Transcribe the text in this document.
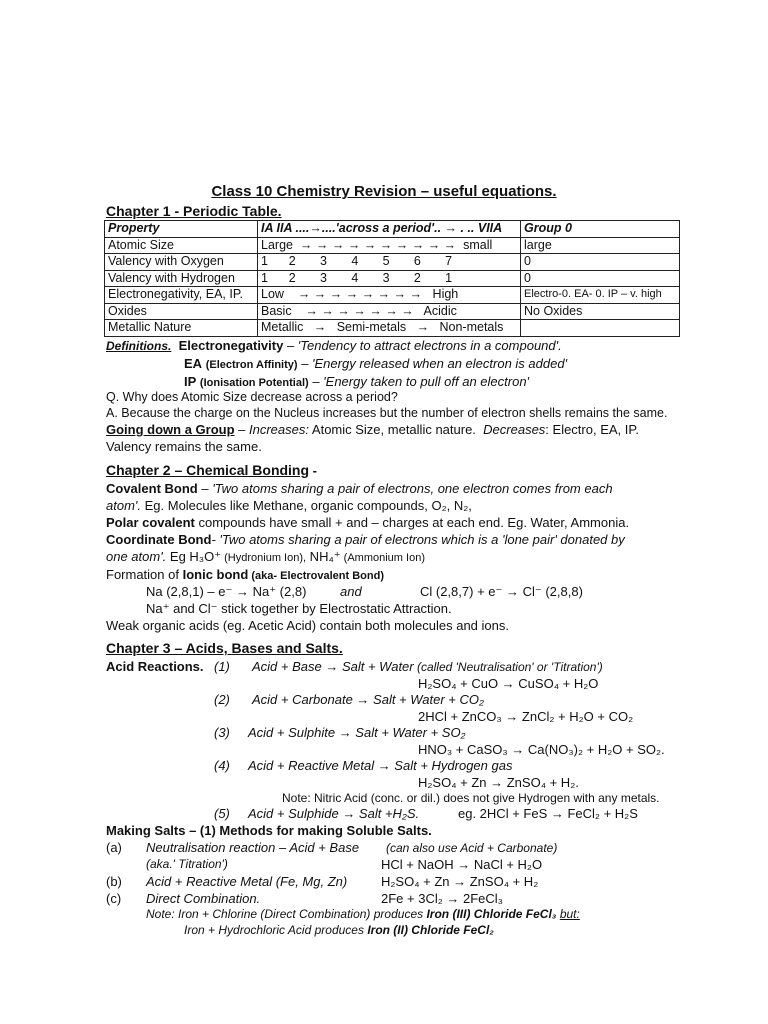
Class 10 Chemistry Revision – useful equations.
Chapter 1 - Periodic Table.
Property	IA IIA ....→....'across a period'.. → . .. VIIA	Group 0
Atomic Size	Large  → → → → → → → → → →  small	large
Valency with Oxygen	1      2       3       4       5       6       7	0
Valency with Hydrogen	1      2       3       4       3       2       1	0
Electronegativity, EA, IP.	Low    → → → → → → → →   High	Electro-0. EA- 0. IP – v. high
Oxides	Basic    → → → → → → →   Acidic	No Oxides
Metallic Nature	Metallic   →   Semi-metals   →   Non-metals	
Definitions. Electronegativity – 'Tendency to attract electrons in a compound'.
EA (Electron Affinity) – 'Energy released when an electron is added'
IP (Ionisation Potential) – 'Energy taken to pull off an electron'
Q. Why does Atomic Size decrease across a period?
A. Because the charge on the Nucleus increases but the number of electron shells remains the same.
Going down a Group – Increases: Atomic Size, metallic nature. Decreases: Electro, EA, IP.
Valency remains the same.
Chapter 2 – Chemical Bonding -
Covalent Bond – 'Two atoms sharing a pair of electrons, one electron comes from each
atom'. Eg. Molecules like Methane, organic compounds, O₂, N₂,
Polar covalent compounds have small + and – charges at each end. Eg. Water, Ammonia.
Coordinate Bond- 'Two atoms sharing a pair of electrons which is a 'lone pair' donated by
one atom'. Eg H₃O⁺ (Hydronium Ion), NH₄⁺ (Ammonium Ion)
Formation of Ionic bond (aka- Electrovalent Bond)
Na (2,8,1) – e⁻ → Na⁺ (2,8)	and	Cl (2,8,7) + e⁻ → Cl⁻ (2,8,8)
Na⁺ and Cl⁻ stick together by Electrostatic Attraction.
Weak organic acids (eg. Acetic Acid) contain both molecules and ions.
Chapter 3 – Acids, Bases and Salts.
Acid Reactions. (1) Acid + Base → Salt + Water (called 'Neutralisation' or 'Titration')
H₂SO₄ + CuO → CuSO₄ + H₂O
(2) Acid + Carbonate → Salt + Water + CO₂
2HCl + ZnCO₃ → ZnCl₂ + H₂O + CO₂
(3) Acid + Sulphite → Salt + Water + SO₂
HNO₃ + CaSO₃ → Ca(NO₃)₂ + H₂O + SO₂.
(4) Acid + Reactive Metal → Salt + Hydrogen gas
H₂SO₄ + Zn → ZnSO₄ + H₂.
Note: Nitric Acid (conc. or dil.) does not give Hydrogen with any metals.
(5) Acid + Sulphide → Salt +H₂S.	eg. 2HCl + FeS → FeCl₂ + H₂S
Making Salts – (1) Methods for making Soluble Salts.
(a) Neutralisation reaction – Acid + Base (can also use Acid + Carbonate)
(aka.' Titration')	HCl + NaOH → NaCl + H₂O
(b) Acid + Reactive Metal (Fe, Mg, Zn)	H₂SO₄ + Zn → ZnSO₄ + H₂
(c) Direct Combination.	2Fe + 3Cl₂ → 2FeCl₃
Note: Iron + Chlorine (Direct Combination) produces Iron (III) Chloride FeCl₃ but:
Iron + Hydrochloric Acid produces Iron (II) Chloride FeCl₂
